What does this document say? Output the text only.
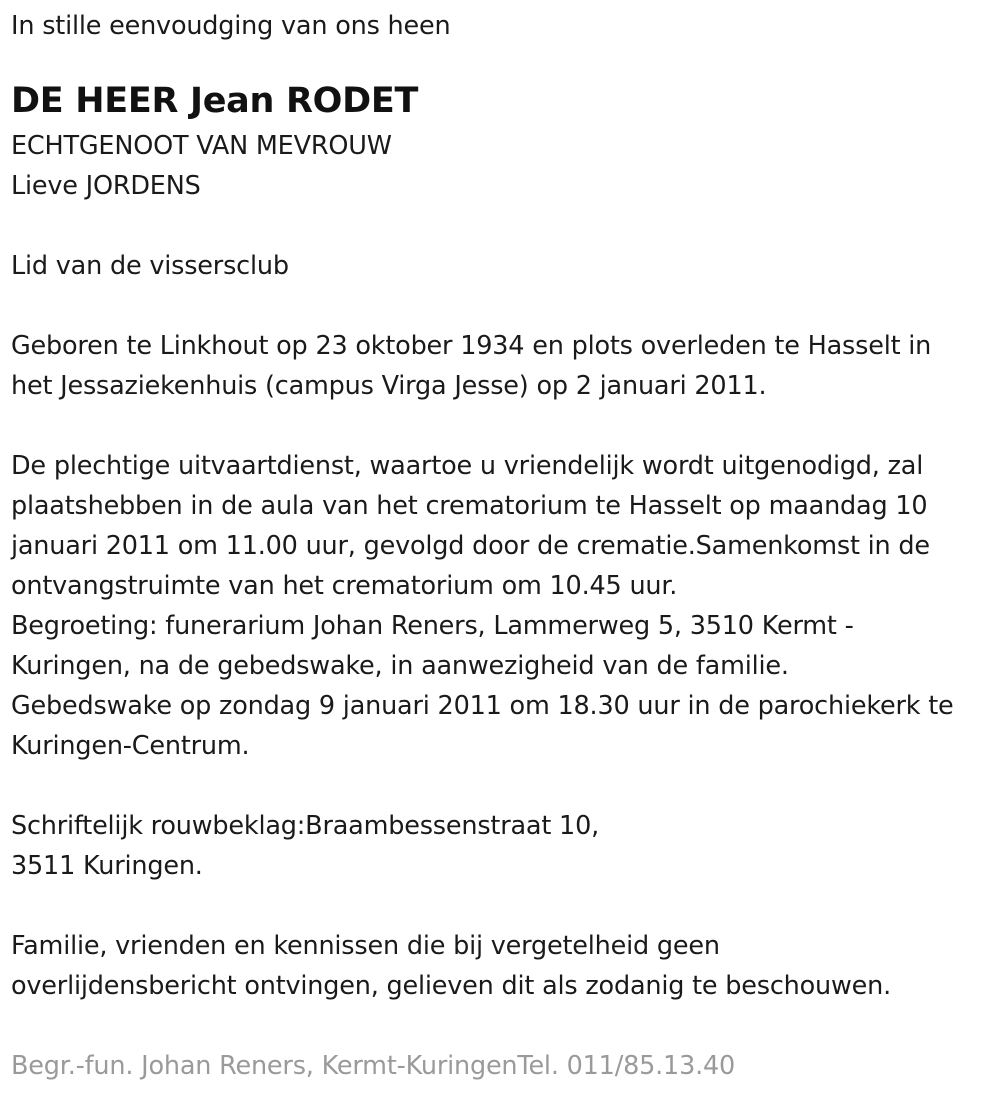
In stille eenvoudging van ons heen

DE HEER Jean RODET

ECHTGENOOT VAN MEVROUW

Lieve JORDENS

Lid van de vissersclub

Geboren te Linkhout op 23 oktober 1934 en plots overleden te Hasselt in

het Jessaziekenhuis (campus Virga Jesse) op 2 januari 2011.

De plechtige uitvaartdienst, waartoe u vriendelijk wordt uitgenodigd, zal

plaatshebben in de aula van het crematorium te Hasselt op maandag 10

januari 2011 om 11.00 uur, gevolgd door de crematie.Samenkomst in de

ontvangstruimte van het crematorium om 10.45 uur.

Begroeting: funerarium Johan Reners, Lammerweg 5, 3510 Kermt -

Kuringen, na de gebedswake, in aanwezigheid van de familie.

Gebedswake op zondag 9 januari 2011 om 18.30 uur in de parochiekerk te

Kuringen-Centrum.

Schriftelijk rouwbeklag:Braambessenstraat 10,

3511 Kuringen.

Familie, vrienden en kennissen die bij vergetelheid geen

overlijdensbericht ontvingen, gelieven dit als zodanig te beschouwen.

Begr.-fun. Johan Reners, Kermt-KuringenTel. 011/85.13.40
